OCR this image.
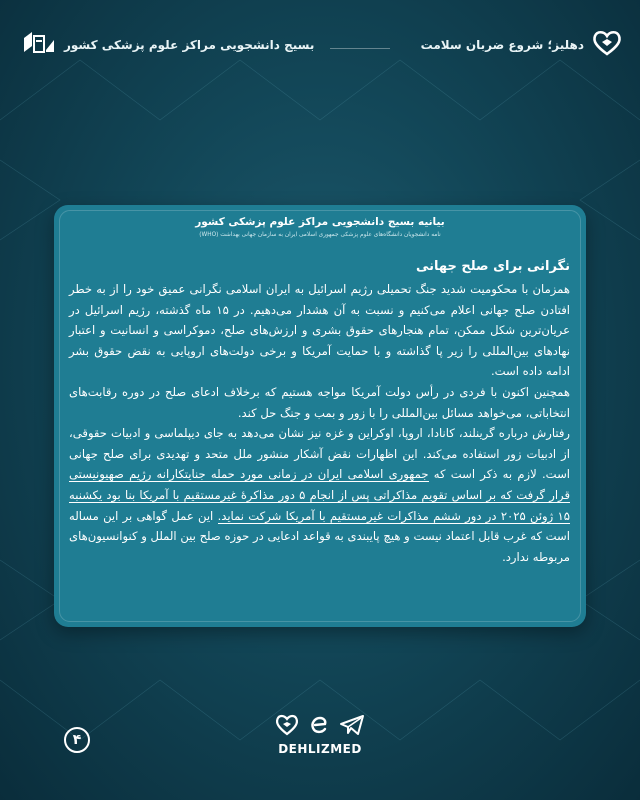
دهلیز؛ شروع ضربان سلامت
بسیج دانشجویی مراکز علوم پزشکی کشور
بیانیه بسیج دانشجویی مراکز علوم پزشکی کشور
نامه دانشجویان دانشگاه‌های علوم پزشکی جمهوری اسلامی ایران به سازمان جهانی بهداشت (WHO)
نگرانی برای صلح جهانی

همزمان با محکومیت شدید جنگ تحمیلی رژیم اسرائیل به ایران اسلامی نگرانی عمیق خود را از به خطر افتادن صلح جهانی اعلام می‌کنیم و نسبت به آن هشدار می‌دهیم. در ۱۵ ماه گذشته، رژیم اسرائیل در عریان‌ترین شکل ممکن، تمام هنجارهای حقوق بشری و ارزش‌های صلح، دموکراسی و انسانیت و اعتبار نهادهای بین‌المللی را زیر پا گذاشته و با حمایت آمریکا و برخی دولت‌های اروپایی به نقض حقوق بشر ادامه داده است.

همچنین اکنون با فردی در رأس دولت آمریکا مواجه هستیم که برخلاف ادعای صلح در دوره رقابت‌های انتخاباتی، می‌خواهد مسائل بین‌المللی را با زور و بمب و جنگ حل کند.

رفتارش درباره گرینلند، کانادا، اروپا، اوکراین و غزه نیز نشان می‌دهد به جای دیپلماسی و ادبیات حقوقی، از ادبیات زور استفاده می‌کند. این اظهارات نقض آشکار منشور ملل متحد و تهدیدی برای صلح جهانی است. لازم به ذکر است که جمهوری اسلامی ایران در زمانی مورد حمله جنایتکارانه رژیم صهیونیستی قرار گرفت که بر اساس تقویم مذاکراتی پس از انجام ۵ دور مذاکرهٔ غیرمستقیم با آمریکا بنا بود یکشنبه ۱۵ ژوئن ۲۰۲۵ در دور ششم مذاکرات غیرمستقیم با آمریکا شرکت نماید. این عمل گواهی بر این مساله است که غرب قابل اعتماد نیست و هیچ پایبندی به قواعد ادعایی در حوزه صلح بین الملل و کنوانسیون‌های مربوطه ندارد.

۴
DEHLIZMED
